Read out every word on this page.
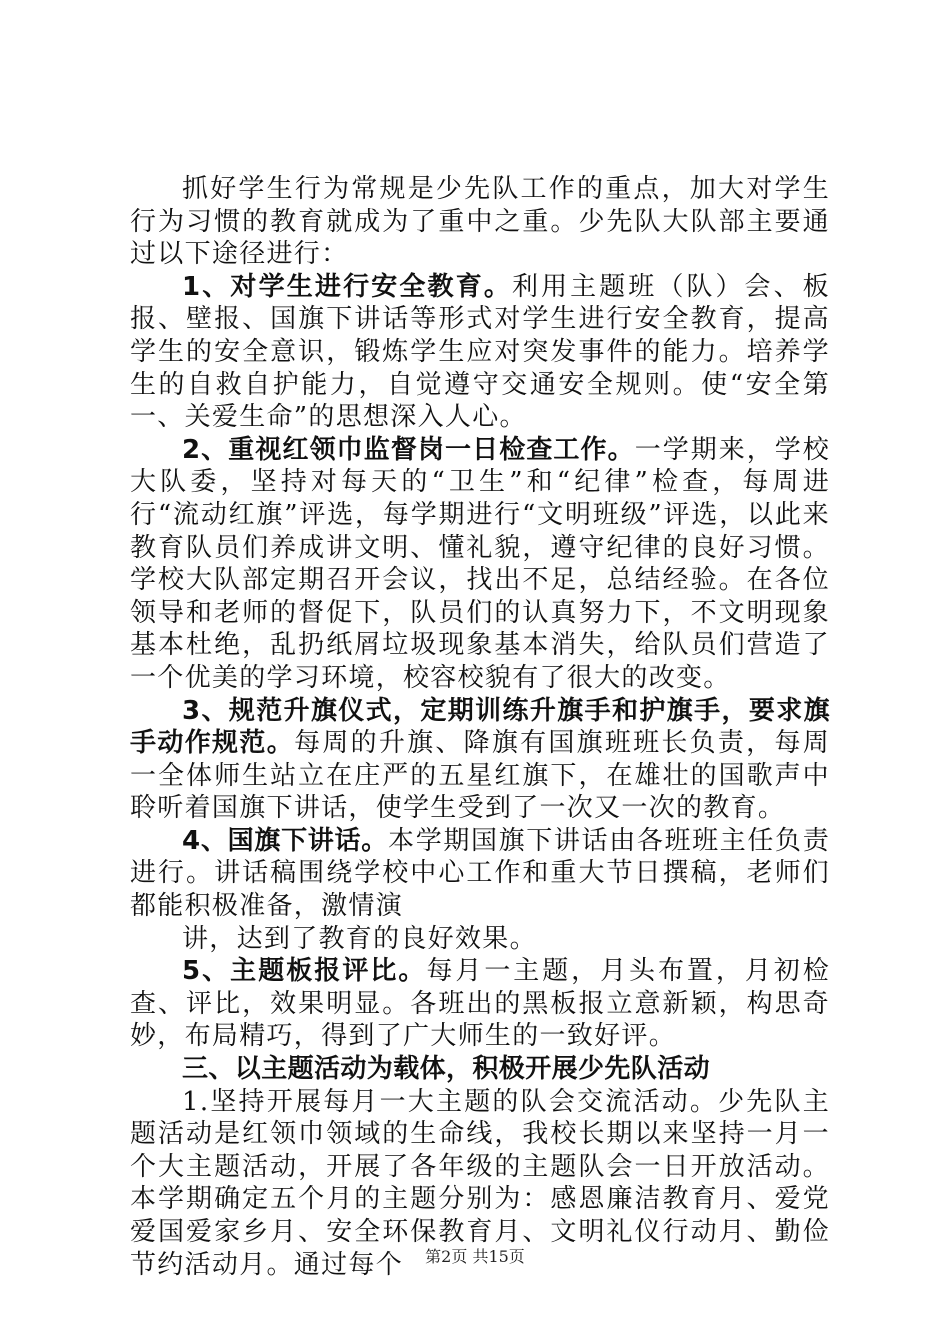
抓好学生行为常规是少先队工作的重点，加大对学生行为习惯的教育就成为了重中之重。少先队大队部主要通过以下途径进行：

1、对学生进行安全教育。利用主题班（队）会、板报、壁报、国旗下讲话等形式对学生进行安全教育，提高学生的安全意识，锻炼学生应对突发事件的能力。培养学生的自救自护能力，自觉遵守交通安全规则。使“安全第一、关爱生命”的思想深入人心。

2、重视红领巾监督岗一日检查工作。一学期来，学校大队委，坚持对每天的“卫生”和“纪律”检查，每周进行“流动红旗”评选，每学期进行“文明班级”评选，以此来教育队员们养成讲文明、懂礼貌，遵守纪律的良好习惯。学校大队部定期召开会议，找出不足，总结经验。在各位领导和老师的督促下，队员们的认真努力下，不文明现象基本杜绝，乱扔纸屑垃圾现象基本消失，给队员们营造了一个优美的学习环境，校容校貌有了很大的改变。

3、规范升旗仪式，定期训练升旗手和护旗手，要求旗手动作规范。每周的升旗、降旗有国旗班班长负责，每周一全体师生站立在庄严的五星红旗下，在雄壮的国歌声中聆听着国旗下讲话，使学生受到了一次又一次的教育。

4、国旗下讲话。本学期国旗下讲话由各班班主任负责进行。讲话稿围绕学校中心工作和重大节日撰稿，老师们都能积极准备，激情演

讲，达到了教育的良好效果。

5、主题板报评比。每月一主题，月头布置，月初检查、评比，效果明显。各班出的黑板报立意新颖，构思奇妙，布局精巧，得到了广大师生的一致好评。

三、以主题活动为载体，积极开展少先队活动

1.坚持开展每月一大主题的队会交流活动。少先队主题活动是红领巾领域的生命线，我校长期以来坚持一月一个大主题活动，开展了各年级的主题队会一日开放活动。本学期确定五个月的主题分别为：感恩廉洁教育月、爱党爱国爱家乡月、安全环保教育月、文明礼仪行动月、勤俭节约活动月。通过每个	第2页 共15页
